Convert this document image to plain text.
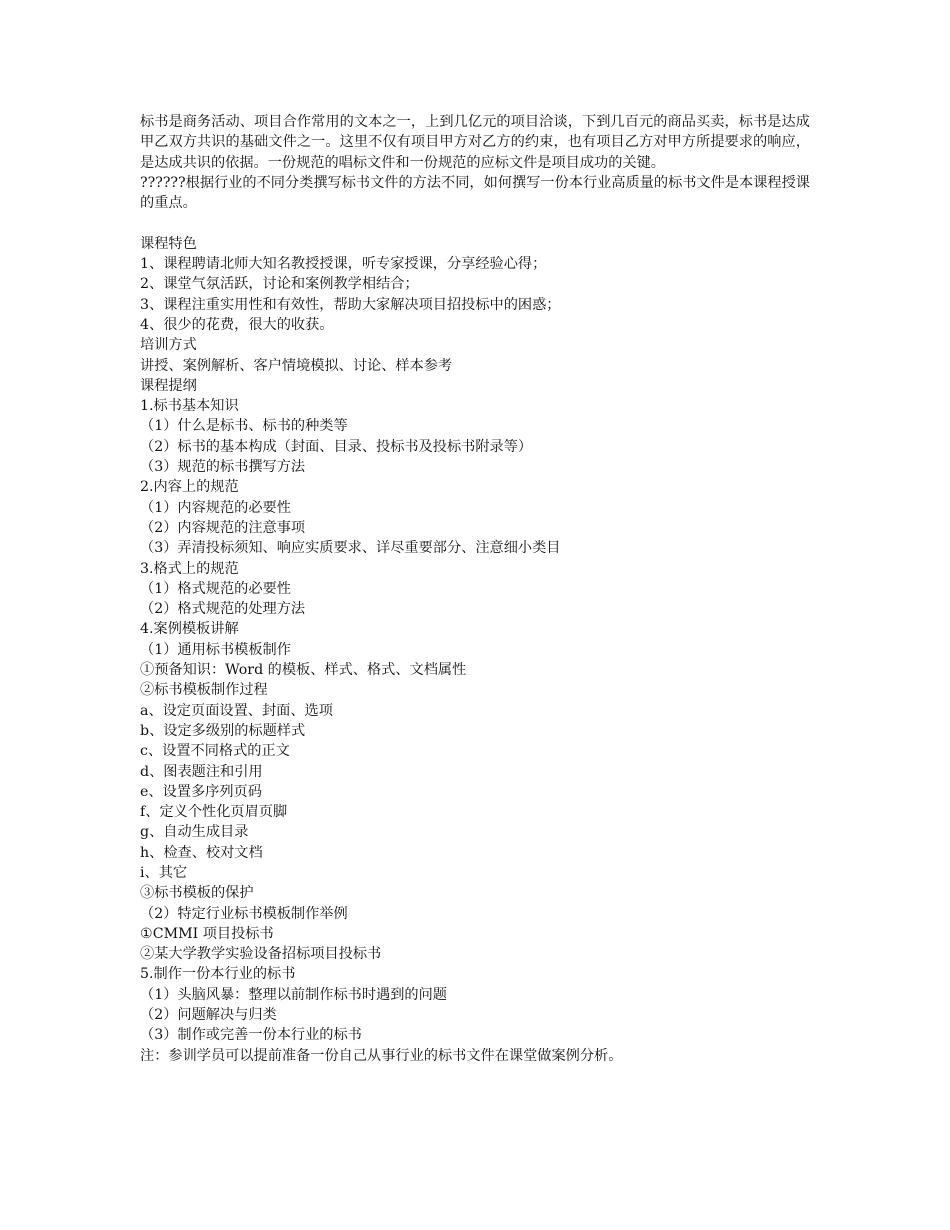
标书是商务活动、项目合作常用的文本之一，上到几亿元的项目洽谈，下到几百元的商品买卖，标书是达成甲乙双方共识的基础文件之一。这里不仅有项目甲方对乙方的约束，也有项目乙方对甲方所提要求的响应，是达成共识的依据。一份规范的唱标文件和一份规范的应标文件是项目成功的关键。

??????根据行业的不同分类撰写标书文件的方法不同，如何撰写一份本行业高质量的标书文件是本课程授课的重点。

课程特色

1、课程聘请北师大知名教授授课，听专家授课，分享经验心得；

2、课堂气氛活跃，讨论和案例教学相结合；

3、课程注重实用性和有效性，帮助大家解决项目招投标中的困惑；

4、很少的花费，很大的收获。

培训方式

讲授、案例解析、客户情境模拟、讨论、样本参考

课程提纲

1.标书基本知识

（1）什么是标书、标书的种类等

（2）标书的基本构成（封面、目录、投标书及投标书附录等）

（3）规范的标书撰写方法

2.内容上的规范

（1）内容规范的必要性

（2）内容规范的注意事项

（3）弄清投标须知、响应实质要求、详尽重要部分、注意细小类目

3.格式上的规范

（1）格式规范的必要性

（2）格式规范的处理方法

4.案例模板讲解

（1）通用标书模板制作

①预备知识：Word 的模板、样式、格式、文档属性

②标书模板制作过程

a、设定页面设置、封面、选项

b、设定多级别的标题样式

c、设置不同格式的正文

d、图表题注和引用

e、设置多序列页码

f、定义个性化页眉页脚

g、自动生成目录

h、检查、校对文档

i、其它

③标书模板的保护

（2）特定行业标书模板制作举例

①CMMI 项目投标书

②某大学教学实验设备招标项目投标书

5.制作一份本行业的标书

（1）头脑风暴：整理以前制作标书时遇到的问题

（2）问题解决与归类

（3）制作或完善一份本行业的标书

注：参训学员可以提前准备一份自己从事行业的标书文件在课堂做案例分析。
